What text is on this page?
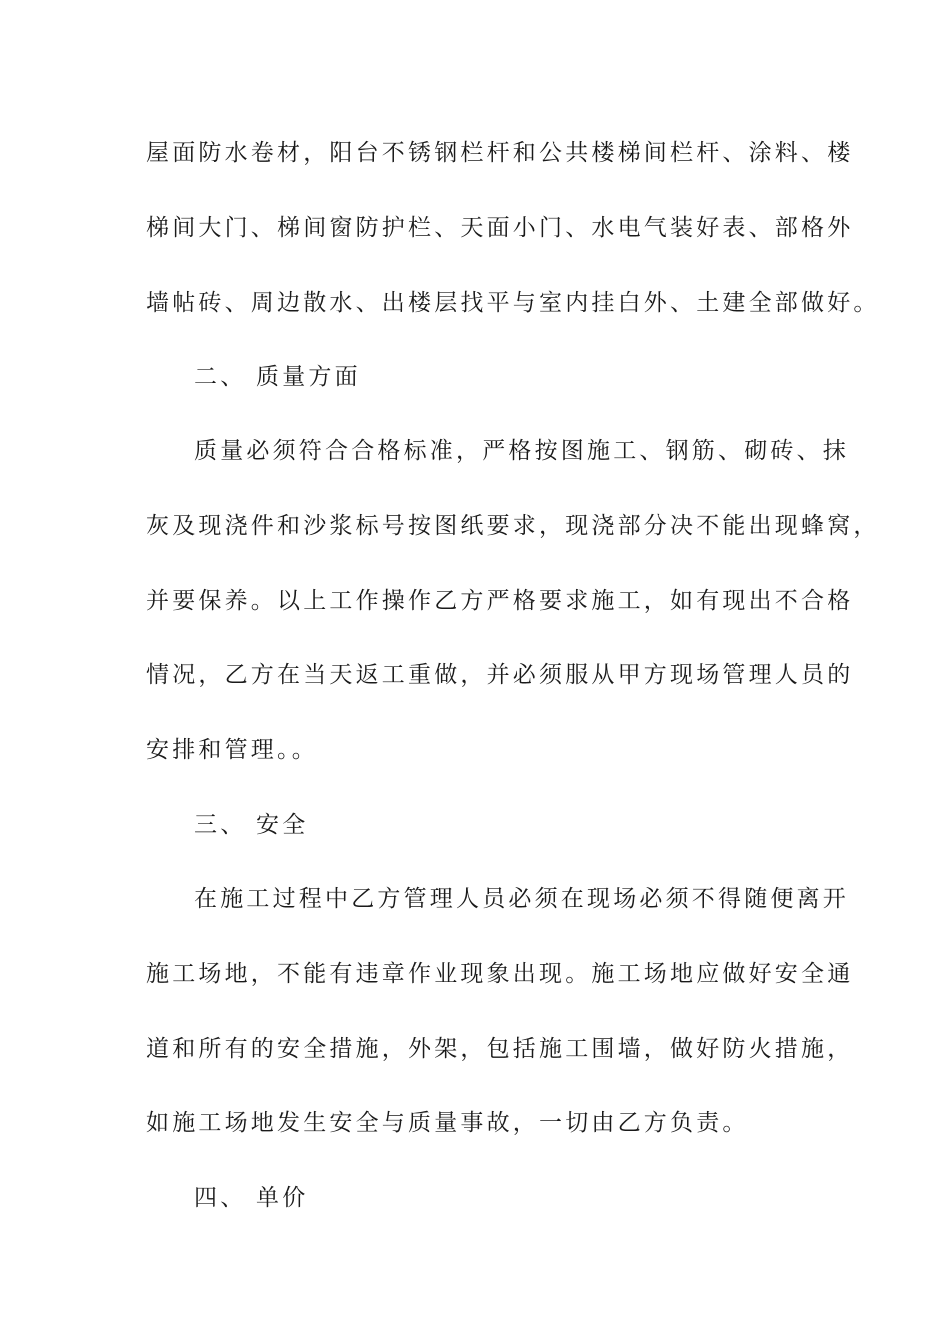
屋面防水卷材，阳台不锈钢栏杆和公共楼梯间栏杆、涂料、楼
梯间大门、梯间窗防护栏、天面小门、水电气装好表、部格外
墙帖砖、周边散水、出楼层找平与室内挂白外、土建全部做好。
二、 质量方面
质量必须符合合格标准，严格按图施工、钢筋、砌砖、抹
灰及现浇件和沙浆标号按图纸要求，现浇部分决不能出现蜂窝，
并要保养。以上工作操作乙方严格要求施工，如有现出不合格
情况，乙方在当天返工重做，并必须服从甲方现场管理人员的
安排和管理。。
三、 安全
在施工过程中乙方管理人员必须在现场必须不得随便离开
施工场地，不能有违章作业现象出现。施工场地应做好安全通
道和所有的安全措施，外架，包括施工围墙，做好防火措施，
如施工场地发生安全与质量事故，一切由乙方负责。
四、 单价
